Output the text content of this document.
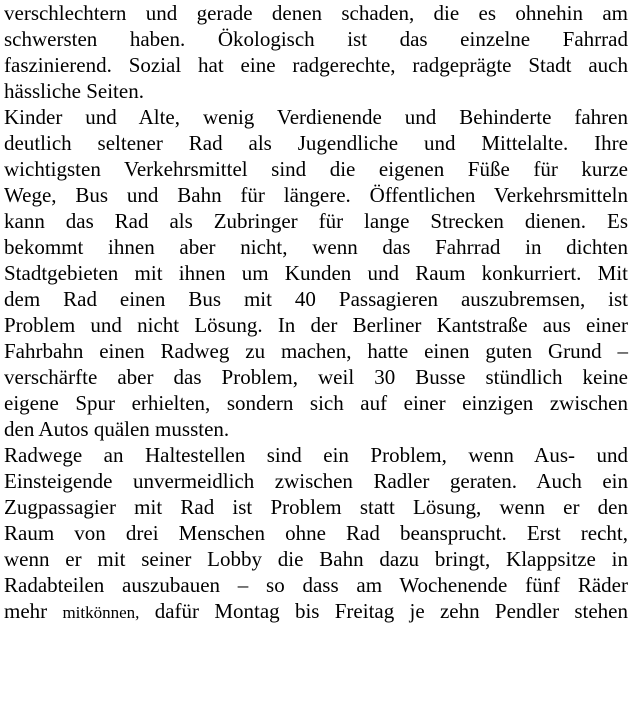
verschlechtern und gerade denen schaden, die es ohnehin am
schwersten haben. Ökologisch ist das einzelne Fahrrad
faszinierend. Sozial hat eine radgerechte, radgeprägte Stadt auch
hässliche Seiten.
Kinder und Alte, wenig Verdienende und Behinderte fahren
deutlich seltener Rad als Jugendliche und Mittelalte. Ihre
wichtigsten Verkehrsmittel sind die eigenen Füße für kurze
Wege, Bus und Bahn für längere. Öffentlichen Verkehrsmitteln
kann das Rad als Zubringer für lange Strecken dienen. Es
bekommt ihnen aber nicht, wenn das Fahrrad in dichten
Stadtgebieten mit ihnen um Kunden und Raum konkurriert. Mit
dem Rad einen Bus mit 40 Passagieren auszubremsen, ist
Problem und nicht Lösung. In der Berliner Kantstraße aus einer
Fahrbahn einen Radweg zu machen, hatte einen guten Grund –
verschärfte aber das Problem, weil 30 Busse stündlich keine
eigene Spur erhielten, sondern sich auf einer einzigen zwischen
den Autos quälen mussten.
Radwege an Haltestellen sind ein Problem, wenn Aus- und
Einsteigende unvermeidlich zwischen Radler geraten. Auch ein
Zugpassagier mit Rad ist Problem statt Lösung, wenn er den
Raum von drei Menschen ohne Rad beansprucht. Erst recht,
wenn er mit seiner Lobby die Bahn dazu bringt, Klappsitze in
Radabteilen auszubauen – so dass am Wochenende fünf Räder
mehr mitkönnen, dafür Montag bis Freitag je zehn Pendler stehen
